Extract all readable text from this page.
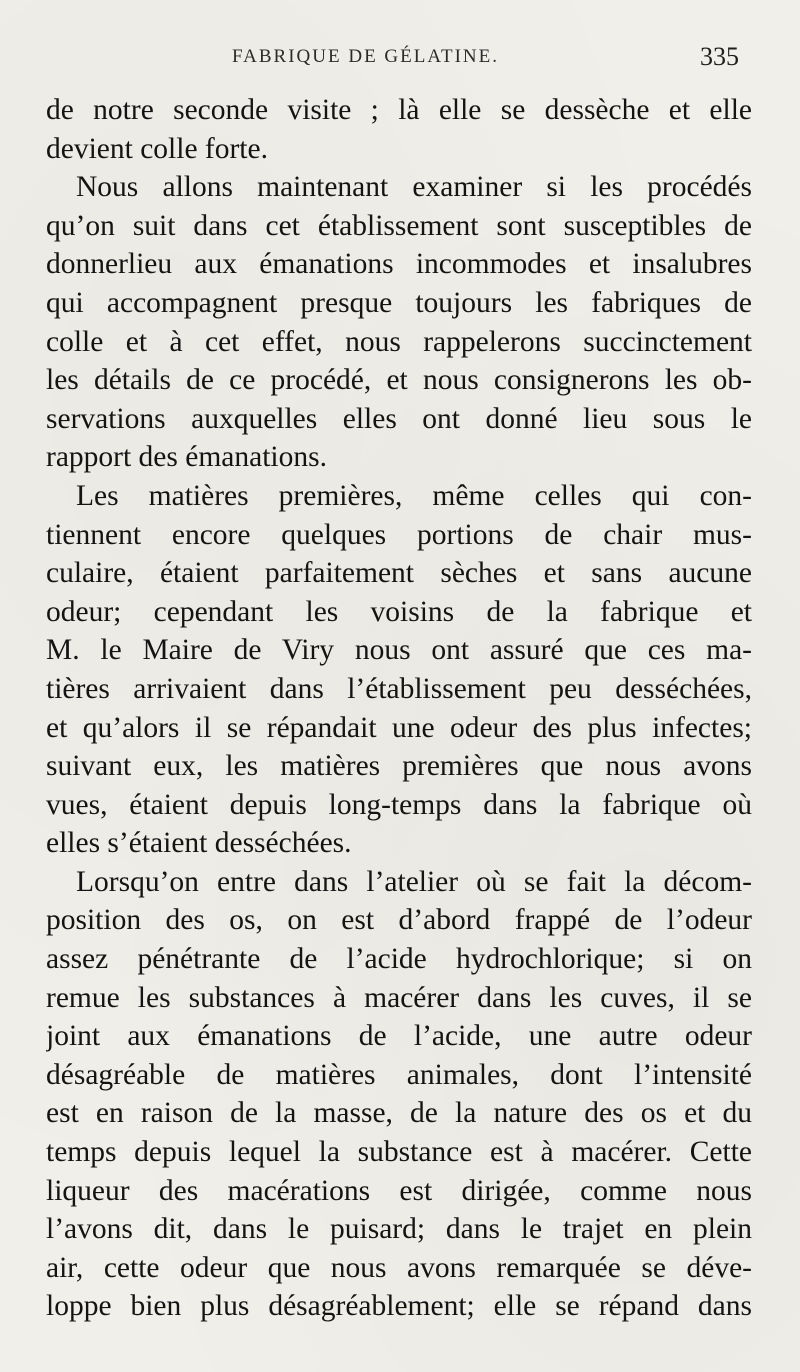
FABRIQUE DE GÉLATINE.	335
de notre seconde visite ; là elle se dessèche et elle
devient colle forte.
Nous allons maintenant examiner si les procédés
qu’on suit dans cet établissement sont susceptibles de
donnerlieu aux émanations incommodes et insalubres
qui accompagnent presque toujours les fabriques de
colle et à cet effet, nous rappelerons succinctement
les détails de ce procédé, et nous consignerons les ob-
servations auxquelles elles ont donné lieu sous le
rapport des émanations.
Les matières premières, même celles qui con-
tiennent encore quelques portions de chair mus-
culaire, étaient parfaitement sèches et sans aucune
odeur; cependant les voisins de la fabrique et
M. le Maire de Viry nous ont assuré que ces ma-
tières arrivaient dans l’établissement peu desséchées,
et qu’alors il se répandait une odeur des plus infectes;
suivant eux, les matières premières que nous avons
vues, étaient depuis long-temps dans la fabrique où
elles s’étaient desséchées.
Lorsqu’on entre dans l’atelier où se fait la décom-
position des os, on est d’abord frappé de l’odeur
assez pénétrante de l’acide hydrochlorique; si on
remue les substances à macérer dans les cuves, il se
joint aux émanations de l’acide, une autre odeur
désagréable de matières animales, dont l’intensité
est en raison de la masse, de la nature des os et du
temps depuis lequel la substance est à macérer. Cette
liqueur des macérations est dirigée, comme nous
l’avons dit, dans le puisard; dans le trajet en plein
air, cette odeur que nous avons remarquée se déve-
loppe bien plus désagréablement; elle se répand dans
